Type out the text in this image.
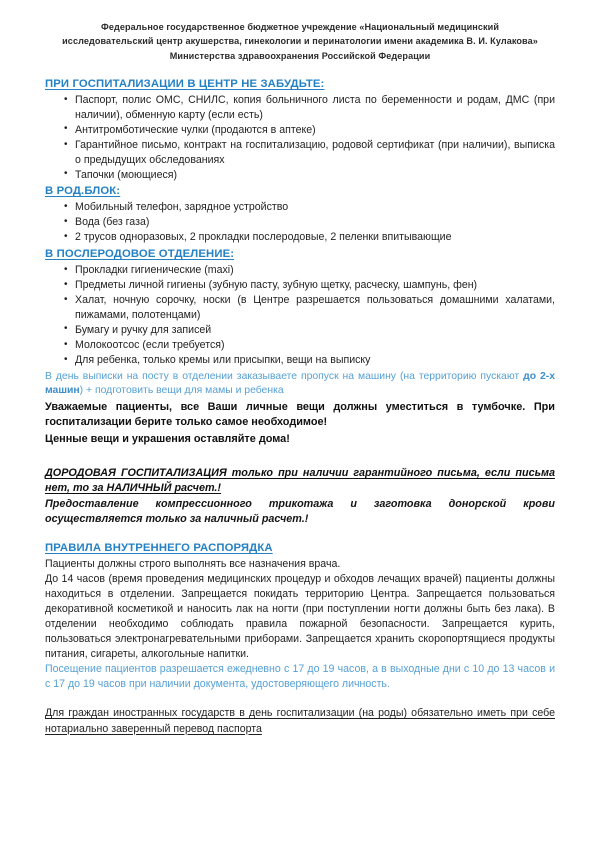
Федеральное государственное бюджетное учреждение «Национальный медицинский
исследовательский центр акушерства, гинекологии и перинатологии имени академика В. И. Кулакова»
Министерства здравоохранения Российской Федерации
ПРИ ГОСПИТАЛИЗАЦИИ В ЦЕНТР НЕ ЗАБУДЬТЕ:
• Паспорт, полис ОМС, СНИЛС, копия больничного листа по беременности и родам, ДМС (при наличии), обменную карту (если есть)
• Антитромботические чулки (продаются в аптеке)
• Гарантийное письмо, контракт на госпитализацию, родовой сертификат (при наличии), выписка о предыдущих обследованиях
• Тапочки (моющиеся)
В РОД.БЛОК:
• Мобильный телефон, зарядное устройство
• Вода (без газа)
• 2 трусов одноразовых, 2 прокладки послеродовые, 2 пеленки впитывающие
В ПОСЛЕРОДОВОЕ ОТДЕЛЕНИЕ:
• Прокладки гигиенические (maxi)
• Предметы личной гигиены (зубную пасту, зубную щетку, расческу, шампунь, фен)
• Халат, ночную сорочку, носки (в Центре разрешается пользоваться домашними халатами, пижамами, полотенцами)
• Бумагу и ручку для записей
• Молокоотсос (если требуется)
• Для ребенка, только кремы или присыпки, вещи на выписку

В день выписки на посту в отделении заказываете пропуск на машину (на территорию пускают до 2-х машин) + подготовить вещи для мамы и ребенка

Уважаемые пациенты, все Ваши личные вещи должны уместиться в тумбочке. При госпитализации берите только самое необходимое!

Ценные вещи и украшения оставляйте дома!

ДОРОДОВАЯ ГОСПИТАЛИЗАЦИЯ только при наличии гарантийного письма, если письма нет, то за НАЛИЧНЫЙ расчет.!

Предоставление компрессионного трикотажа и заготовка донорской крови осуществляется только за наличный расчет.!

ПРАВИЛА ВНУТРЕННЕГО РАСПОРЯДКА

Пациенты должны строго выполнять все назначения врача.

До 14 часов (время проведения медицинских процедур и обходов лечащих врачей) пациенты должны находиться в отделении. Запрещается покидать территорию Центра. Запрещается пользоваться декоративной косметикой и наносить лак на ногти (при поступлении ногти должны быть без лака). В отделении необходимо соблюдать правила пожарной безопасности. Запрещается курить, пользоваться электронагревательными приборами. Запрещается хранить скоропортящиеся продукты питания, сигареты, алкогольные напитки.

Посещение пациентов разрешается ежедневно с 17 до 19 часов, а в выходные дни с 10 до 13 часов и с 17 до 19 часов при наличии документа, удостоверяющего личность.

Для граждан иностранных государств в день госпитализации (на роды) обязательно иметь при себе нотариально заверенный перевод паспорта
